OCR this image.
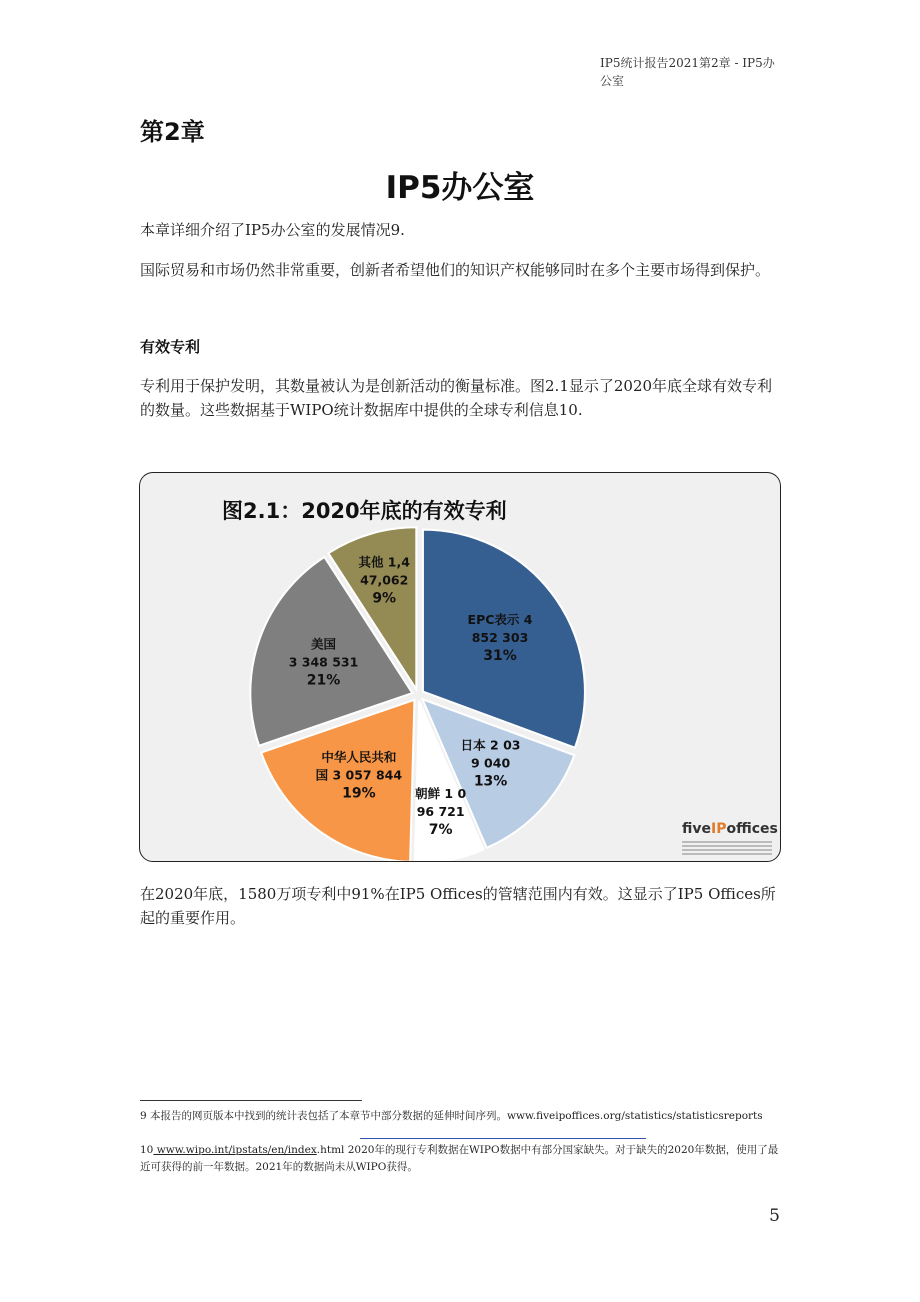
IP5统计报告2021第2章 - IP5办公室
第2章
IP5办公室
本章详细介绍了IP5办公室的发展情况9.
国际贸易和市场仍然非常重要，创新者希望他们的知识产权能够同时在多个主要市场得到保护。
有效专利
专利用于保护发明，其数量被认为是创新活动的衡量标准。图2.1显示了2020年底全球有效专利的数量。这些数据基于WIPO统计数据库中提供的全球专利信息10.
EPC表示 4
852 303
31%
日本 2 03
9 040
13%
朝鲜 1 0
96 721
7%
中华人民共和
国 3 057 844
19%
美国
3 348 531
21%
其他 1,4
47,062
9%
图2.1：2020年底的有效专利
fiveIPoffices
在2020年底，1580万项专利中91%在IP5 Offices的管辖范围内有效。这显示了IP5 Offices所起的重要作用。
9 本报告的网页版本中找到的统计表包括了本章节中部分数据的延伸时间序列。www.fiveipoffices.org/statistics/statisticsreports
10 www.wipo.int/ipstats/en/index.html 2020年的现行专利数据在WIPO数据中有部分国家缺失。对于缺失的2020年数据，使用了最近可获得的前一年数据。2021年的数据尚未从WIPO获得。
5
